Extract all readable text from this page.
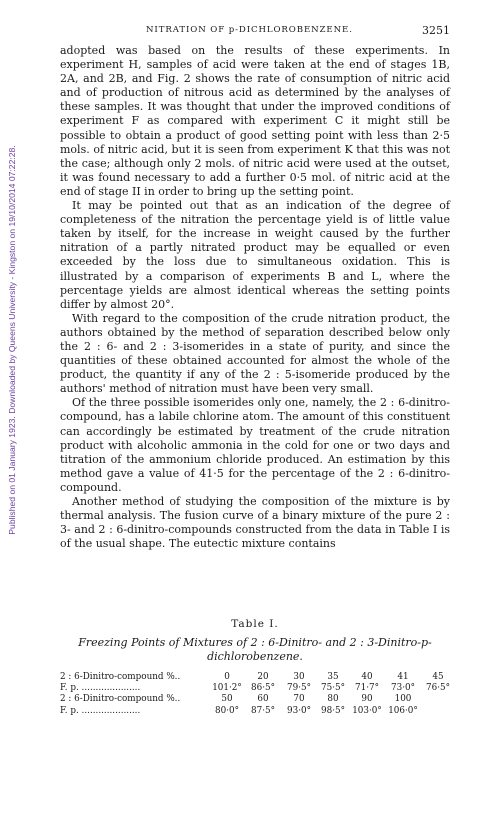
Published on 01 January 1923. Downloaded by Queens University - Kingston on 19/10/2014 07:22:28.
NITRATION OF p-DICHLOROBENZENE.	3251

adopted was based on the results of these experiments. In experiment H, samples of acid were taken at the end of stages 1B, 2A, and 2B, and Fig. 2 shows the rate of consumption of nitric acid and of production of nitrous acid as determined by the analyses of these samples. It was thought that under the improved conditions of experiment F as compared with experiment C it might still be possible to obtain a product of good setting point with less than 2·5 mols. of nitric acid, but it is seen from experiment K that this was not the case; although only 2 mols. of nitric acid were used at the outset, it was found necessary to add a further 0·5 mol. of nitric acid at the end of stage II in order to bring up the setting point.

It may be pointed out that as an indication of the degree of completeness of the nitration the percentage yield is of little value taken by itself, for the increase in weight caused by the further nitration of a partly nitrated product may be equalled or even exceeded by the loss due to simultaneous oxidation. This is illustrated by a comparison of experiments B and L, where the percentage yields are almost identical whereas the setting points differ by almost 20°.

With regard to the composition of the crude nitration product, the authors obtained by the method of separation described below only the 2 : 6- and 2 : 3-isomerides in a state of purity, and since the quantities of these obtained accounted for almost the whole of the product, the quantity if any of the 2 : 5-isomeride produced by the authors' method of nitration must have been very small.

Of the three possible isomerides only one, namely, the 2 : 6-dinitro-compound, has a labile chlorine atom. The amount of this constituent can accordingly be estimated by treatment of the crude nitration product with alcoholic ammonia in the cold for one or two days and titration of the ammonium chloride produced. An estimation by this method gave a value of 41·5 for the percentage of the 2 : 6-dinitro-compound.

Another method of studying the composition of the mixture is by thermal analysis. The fusion curve of a binary mixture of the pure 2 : 3- and 2 : 6-dinitro-compounds constructed from the data in Table I is of the usual shape. The eutectic mixture contains

Table I.
Freezing Points of Mixtures of 2 : 6-Dinitro- and 2 : 3-Dinitro-p-dichlorobenzene.
2 : 6-Dinitro-compound %..	0	20	30	35	40	41	45
F. p. .....................	101·2°	86·5°	79·5°	75·5°	71·7°	73·0°	76·5°
2 : 6-Dinitro-compound %..	50	60	70	80	90	100
F. p. .....................	80·0°	87·5°	93·0°	98·5° 103·0° 106·0°
